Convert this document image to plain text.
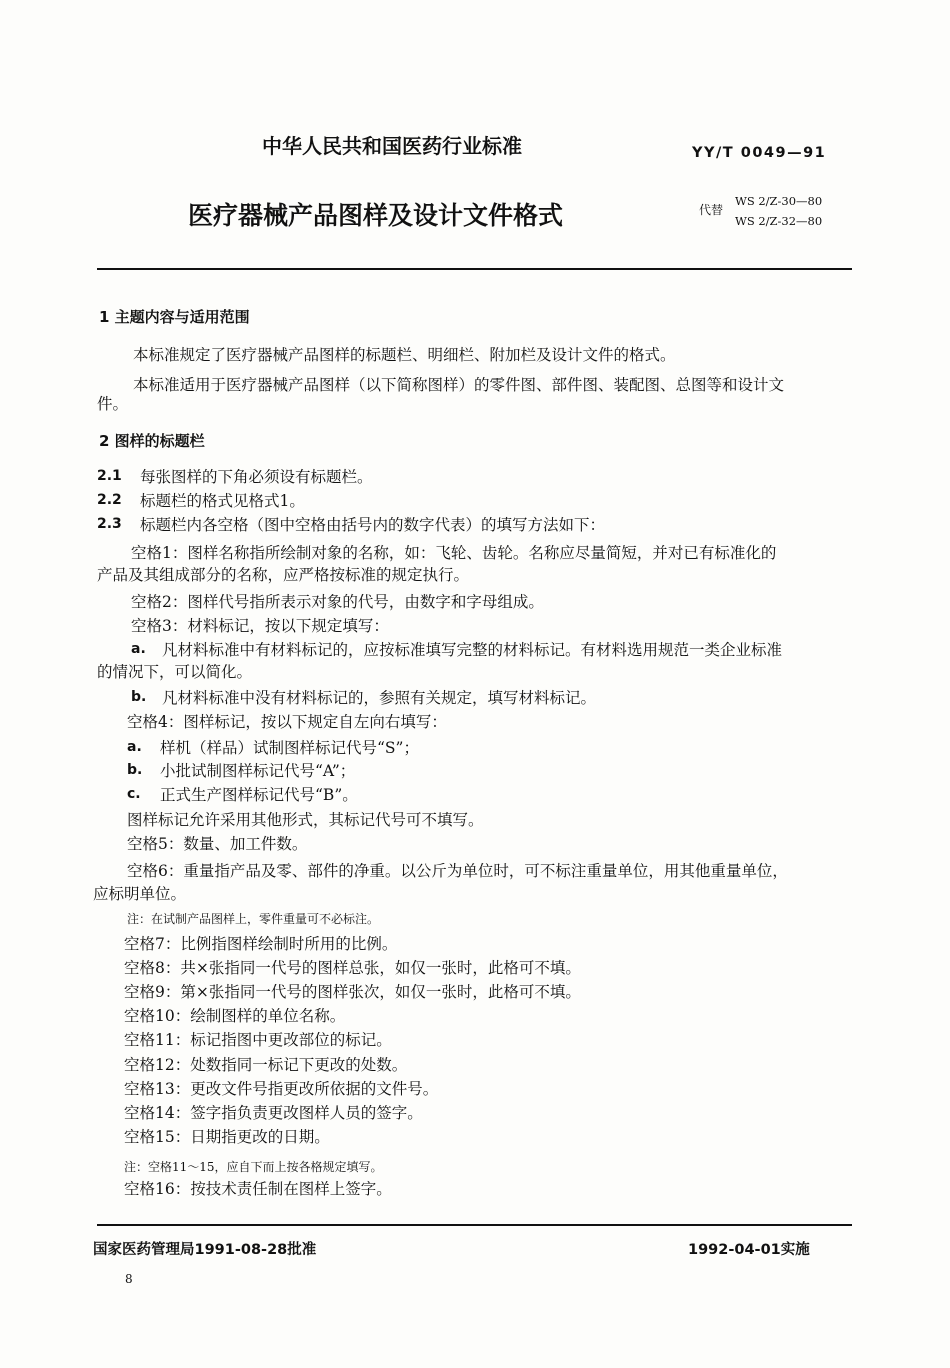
中华人民共和国医药行业标准	YY/T 0049—91
医疗器械产品图样及设计文件格式	代替
WS 2/Z-30—80
WS 2/Z-32—80
1 主题内容与适用范围
本标准规定了医疗器械产品图样的标题栏、明细栏、附加栏及设计文件的格式。
本标准适用于医疗器械产品图样（以下简称图样）的零件图、部件图、装配图、总图等和设计文
件。
2 图样的标题栏
2.1 每张图样的下角必须设有标题栏。
2.2 标题栏的格式见格式1。
2.3 标题栏内各空格（图中空格由括号内的数字代表）的填写方法如下：
空格1：图样名称指所绘制对象的名称，如：飞轮、齿轮。名称应尽量简短，并对已有标准化的
产品及其组成部分的名称，应严格按标准的规定执行。
空格2：图样代号指所表示对象的代号，由数字和字母组成。
空格3：材料标记，按以下规定填写：
a. 凡材料标准中有材料标记的，应按标准填写完整的材料标记。有材料选用规范一类企业标准
的情况下，可以简化。
b. 凡材料标准中没有材料标记的，参照有关规定，填写材料标记。
空格4：图样标记，按以下规定自左向右填写：
a. 样机（样品）试制图样标记代号“S”；
b. 小批试制图样标记代号“A”；
c. 正式生产图样标记代号“B”。
图样标记允许采用其他形式，其标记代号可不填写。
空格5：数量、加工件数。
空格6：重量指产品及零、部件的净重。以公斤为单位时，可不标注重量单位，用其他重量单位，
应标明单位。
注：在试制产品图样上，零件重量可不必标注。
空格7：比例指图样绘制时所用的比例。
空格8：共×张指同一代号的图样总张，如仅一张时，此格可不填。
空格9：第×张指同一代号的图样张次，如仅一张时，此格可不填。
空格10：绘制图样的单位名称。
空格11：标记指图中更改部位的标记。
空格12：处数指同一标记下更改的处数。
空格13：更改文件号指更改所依据的文件号。
空格14：签字指负责更改图样人员的签字。
空格15：日期指更改的日期。
注：空格11～15，应自下而上按各格规定填写。
空格16：按技术责任制在图样上签字。
国家医药管理局1991-08-28批准	1992-04-01实施
8
